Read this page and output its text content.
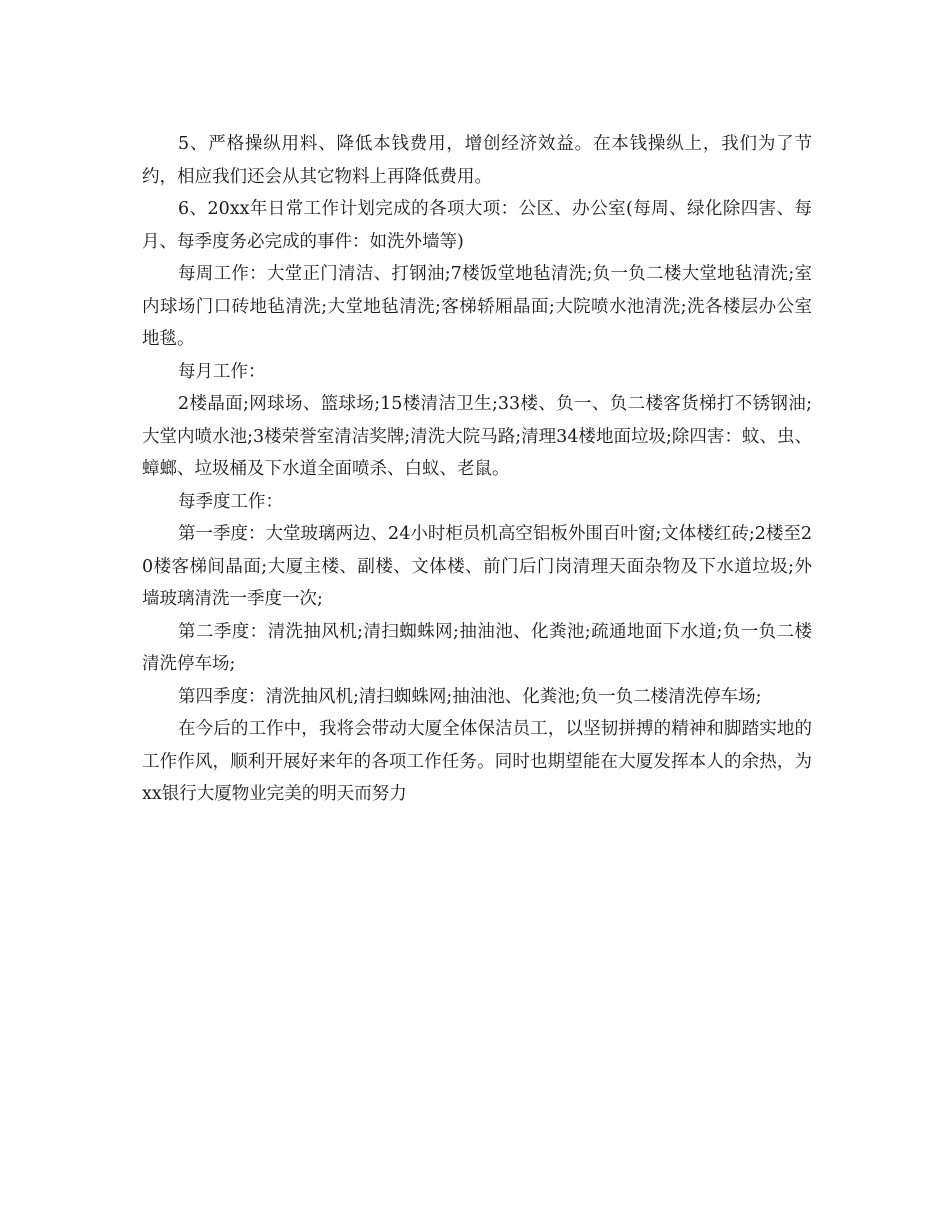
5、严格操纵用料、降低本钱费用，增创经济效益。在本钱操纵上，我们为了节约，相应我们还会从其它物料上再降低费用。

6、20xx年日常工作计划完成的各项大项：公区、办公室(每周、绿化除四害、每月、每季度务必完成的事件：如洗外墙等)

每周工作：大堂正门清洁、打钢油;7楼饭堂地毡清洗;负一负二楼大堂地毡清洗;室内球场门口砖地毡清洗;大堂地毡清洗;客梯轿厢晶面;大院喷水池清洗;洗各楼层办公室地毯。

每月工作：

2楼晶面;网球场、篮球场;15楼清洁卫生;33楼、负一、负二楼客货梯打不锈钢油;大堂内喷水池;3楼荣誉室清洁奖牌;清洗大院马路;清理34楼地面垃圾;除四害：蚊、虫、蟑螂、垃圾桶及下水道全面喷杀、白蚁、老鼠。

每季度工作：

第一季度：大堂玻璃两边、24小时柜员机高空铝板外围百叶窗;文体楼红砖;2楼至20楼客梯间晶面;大厦主楼、副楼、文体楼、前门后门岗清理天面杂物及下水道垃圾;外墙玻璃清洗一季度一次;

第二季度：清洗抽风机;清扫蜘蛛网;抽油池、化粪池;疏通地面下水道;负一负二楼清洗停车场;

第四季度：清洗抽风机;清扫蜘蛛网;抽油池、化粪池;负一负二楼清洗停车场;

在今后的工作中，我将会带动大厦全体保洁员工，以坚韧拼搏的精神和脚踏实地的工作作风，顺利开展好来年的各项工作任务。同时也期望能在大厦发挥本人的余热，为xx银行大厦物业完美的明天而努力
